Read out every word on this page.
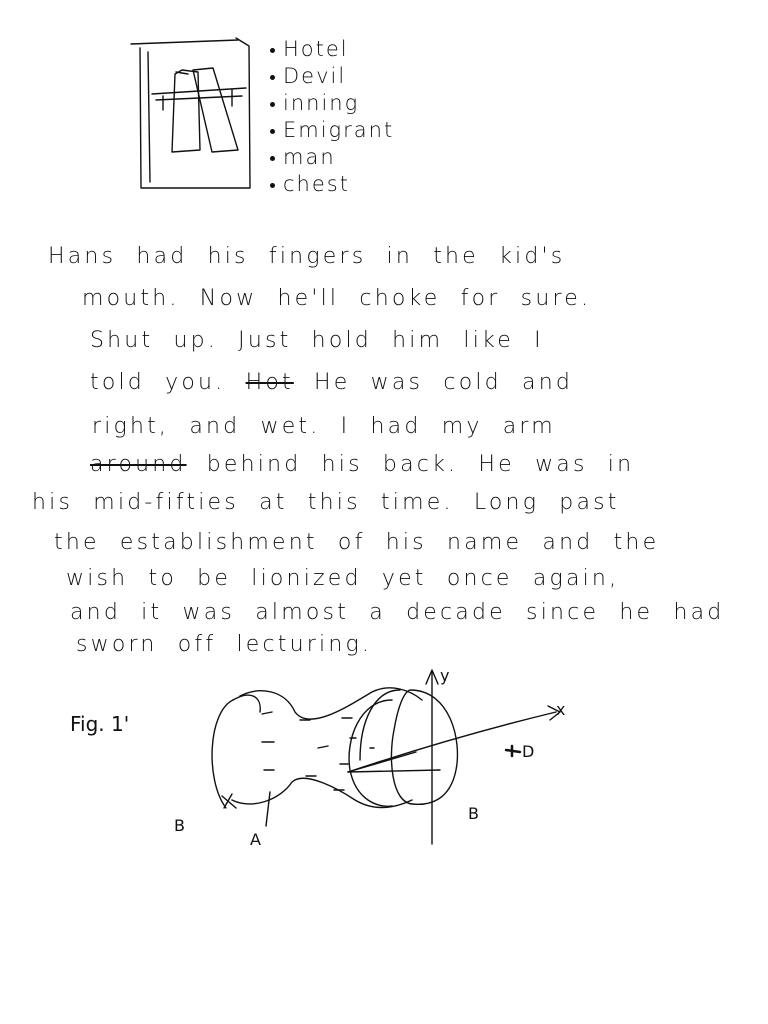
Hotel
Devil
inning
Emigrant
man
chest
Hans had his fingers in the kid's
mouth. Now he'll choke for sure.
Shut up. Just hold him like I
told you. Hot He was cold and
right, and wet. I had my arm
around behind his back. He was in
his mid-fifties at this time. Long past
the establishment of his name and the
wish to be lionized yet once again,
and it was almost a decade since he had
sworn off lecturing.
Fig. 1'
B
A
B
y
x
D
